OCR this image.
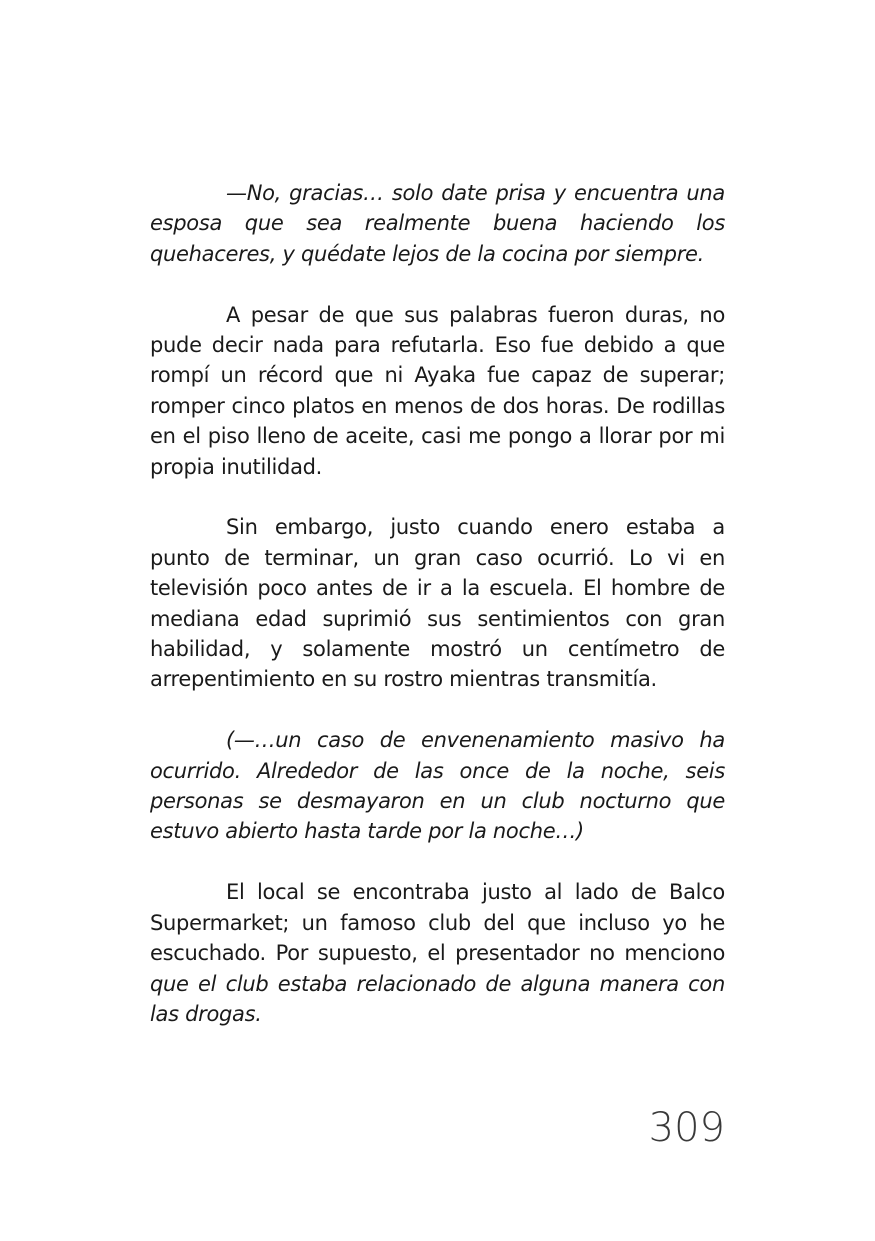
—No, gracias… solo date prisa y encuentra una esposa que sea realmente buena haciendo los quehaceres, y quédate lejos de la cocina por siempre.

A pesar de que sus palabras fueron duras, no pude decir nada para refutarla. Eso fue debido a que rompí un récord que ni Ayaka fue capaz de superar; romper cinco platos en menos de dos horas. De rodillas en el piso lleno de aceite, casi me pongo a llorar por mi propia inutilidad.

Sin embargo, justo cuando enero estaba a punto de terminar, un gran caso ocurrió. Lo vi en televisión poco antes de ir a la escuela. El hombre de mediana edad suprimió sus sentimientos con gran habilidad, y solamente mostró un centímetro de arrepentimiento en su rostro mientras transmitía.

(—…un caso de envenenamiento masivo ha ocurrido. Alrededor de las once de la noche, seis personas se desmayaron en un club nocturno que estuvo abierto hasta tarde por la noche…)

El local se encontraba justo al lado de Balco Supermarket; un famoso club del que incluso yo he escuchado. Por supuesto, el presentador no menciono que el club estaba relacionado de alguna manera con las drogas.

309
